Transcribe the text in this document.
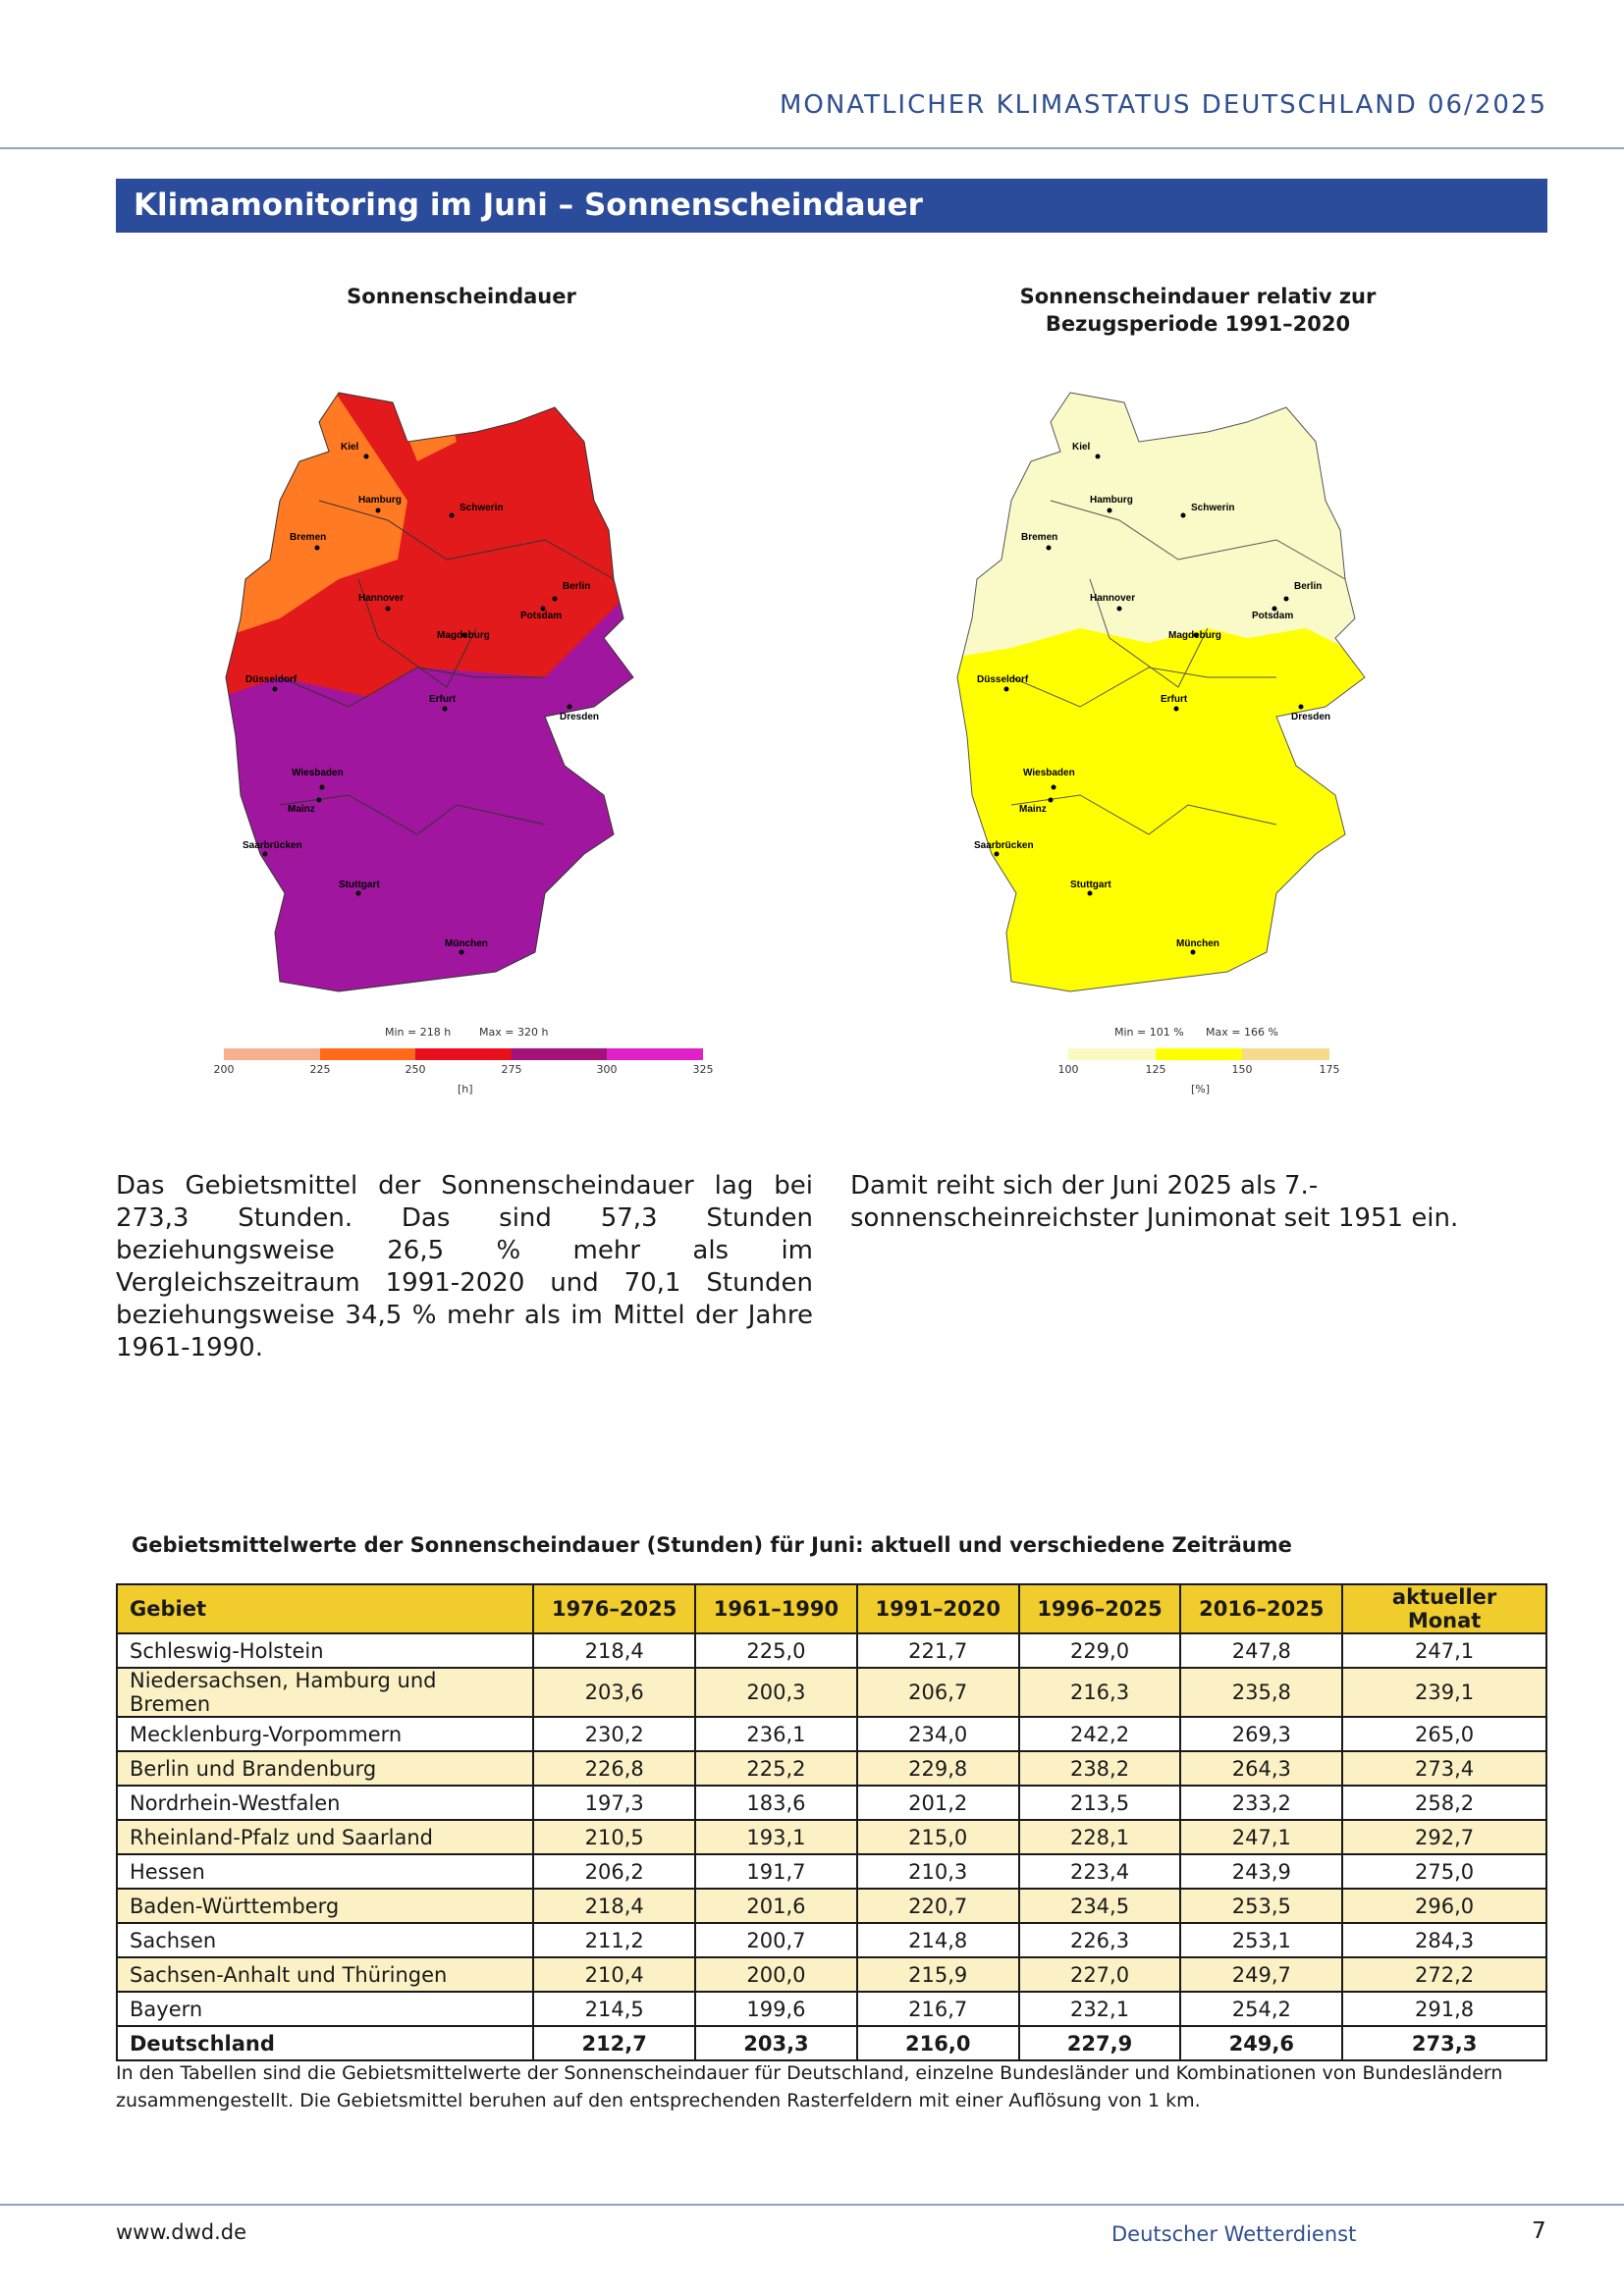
MONATLICHER KLIMASTATUS DEUTSCHLAND 06/2025
Klimamonitoring im Juni – Sonnenscheindauer
Sonnenscheindauer	Sonnenscheindauer relativ zur Bezugsperiode 1991–2020
Kiel
Hamburg
Schwerin
Bremen
Berlin
Potsdam
Hannover
Magdeburg
Düsseldorf
Erfurt
Dresden
Wiesbaden
Mainz
Saarbrücken
Stuttgart
München
Min = 218 h	Max = 320 h
200	225	250	275	300	325
[h]
Kiel
Hamburg
Schwerin
Bremen
Berlin
Potsdam
Hannover
Magdeburg
Düsseldorf
Erfurt
Dresden
Wiesbaden
Mainz
Saarbrücken
Stuttgart
München
Min = 101 % Max = 166 %
100	125	150	175
[%]
Das Gebietsmittel der Sonnenscheindauer lag bei 273,3 Stunden. Das sind 57,3 Stunden beziehungsweise 26,5 % mehr als im Vergleichszeitraum 1991-2020 und 70,1 Stunden beziehungsweise 34,5 % mehr als im Mittel der Jahre 1961-1990.
Damit reiht sich der Juni 2025 als 7.-sonnenscheinreichster Junimonat seit 1951 ein.
Gebietsmittelwerte der Sonnenscheindauer (Stunden) für Juni: aktuell und verschiedene Zeiträume
Gebiet	1976–2025	1961–1990	1991–2020	1996–2025	2016–2025	aktueller Monat
Schleswig-Holstein	218,4	225,0	221,7	229,0	247,8	247,1
Niedersachsen, Hamburg und Bremen	203,6	200,3	206,7	216,3	235,8	239,1
Mecklenburg-Vorpommern	230,2	236,1	234,0	242,2	269,3	265,0
Berlin und Brandenburg	226,8	225,2	229,8	238,2	264,3	273,4
Nordrhein-Westfalen	197,3	183,6	201,2	213,5	233,2	258,2
Rheinland-Pfalz und Saarland	210,5	193,1	215,0	228,1	247,1	292,7
Hessen	206,2	191,7	210,3	223,4	243,9	275,0
Baden-Württemberg	218,4	201,6	220,7	234,5	253,5	296,0
Sachsen	211,2	200,7	214,8	226,3	253,1	284,3
Sachsen-Anhalt und Thüringen	210,4	200,0	215,9	227,0	249,7	272,2
Bayern	214,5	199,6	216,7	232,1	254,2	291,8
Deutschland	212,7	203,3	216,0	227,9	249,6	273,3
In den Tabellen sind die Gebietsmittelwerte der Sonnenscheindauer für Deutschland, einzelne Bundesländer und Kombinationen von Bundesländern zusammengestellt. Die Gebietsmittel beruhen auf den entsprechenden Rasterfeldern mit einer Auflösung von 1 km.
www.dwd.de	Deutscher Wetterdienst	7
